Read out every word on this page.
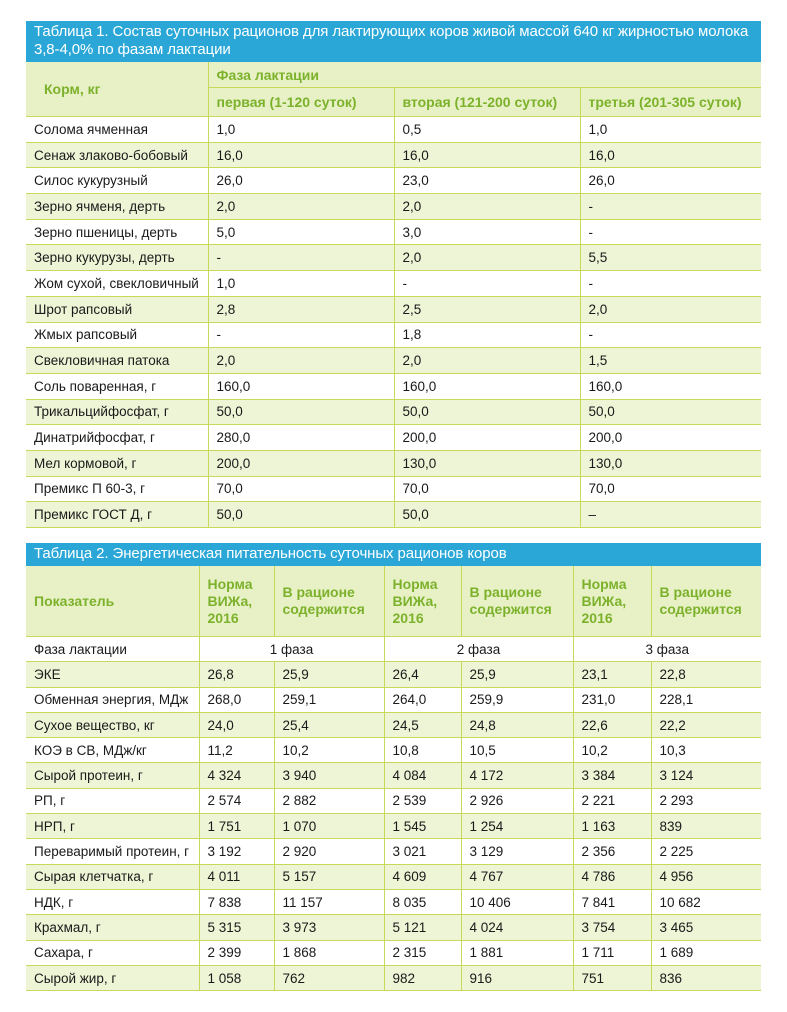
Таблица 1. Состав суточных рационов для лактирующих коров живой массой 640 кг жирностью молока 3,8-4,0% по фазам лактации
Корм, кг	Фаза лактации		
	первая (1-120 суток)	вторая (121-200 суток)	третья (201-305 суток)
Солома ячменная	1,0	0,5	1,0
Сенаж злаково-бобовый	16,0	16,0	16,0
Силос кукурузный	26,0	23,0	26,0
Зерно ячменя, дерть	2,0	2,0	-
Зерно пшеницы, дерть	5,0	3,0	-
Зерно кукурузы, дерть	-	2,0	5,5
Жом сухой, свекловичный	1,0	-	-
Шрот рапсовый	2,8	2,5	2,0
Жмых рапсовый	-	1,8	-
Свекловичная патока	2,0	2,0	1,5
Соль поваренная, г	160,0	160,0	160,0
Трикальцийфосфат, г	50,0	50,0	50,0
Динатрийфосфат, г	280,0	200,0	200,0
Мел кормовой, г	200,0	130,0	130,0
Премикс П 60-3, г	70,0	70,0	70,0
Премикс ГОСТ Д, г	50,0	50,0	–
Таблица 2. Энергетическая питательность суточных рационов коров
Показатель	Норма ВИЖа, 2016	В рационе содержится	Норма ВИЖа, 2016	В рационе содержится	Норма ВИЖа, 2016	В рационе содержится
Фаза лактации	1 фаза		2 фаза		3 фаза	
ЭКЕ	26,8	25,9	26,4	25,9	23,1	22,8
Обменная энергия, МДж	268,0	259,1	264,0	259,9	231,0	228,1
Сухое вещество, кг	24,0	25,4	24,5	24,8	22,6	22,2
КОЭ в СВ, МДж/кг	11,2	10,2	10,8	10,5	10,2	10,3
Сырой протеин, г	4 324	3 940	4 084	4 172	3 384	3 124
РП, г	2 574	2 882	2 539	2 926	2 221	2 293
НРП, г	1 751	1 070	1 545	1 254	1 163	839
Переваримый протеин, г	3 192	2 920	3 021	3 129	2 356	2 225
Сырая клетчатка, г	4 011	5 157	4 609	4 767	4 786	4 956
НДК, г	7 838	11 157	8 035	10 406	7 841	10 682
Крахмал, г	5 315	3 973	5 121	4 024	3 754	3 465
Сахара, г	2 399	1 868	2 315	1 881	1 711	1 689
Сырой жир, г	1 058	762	982	916	751	836
